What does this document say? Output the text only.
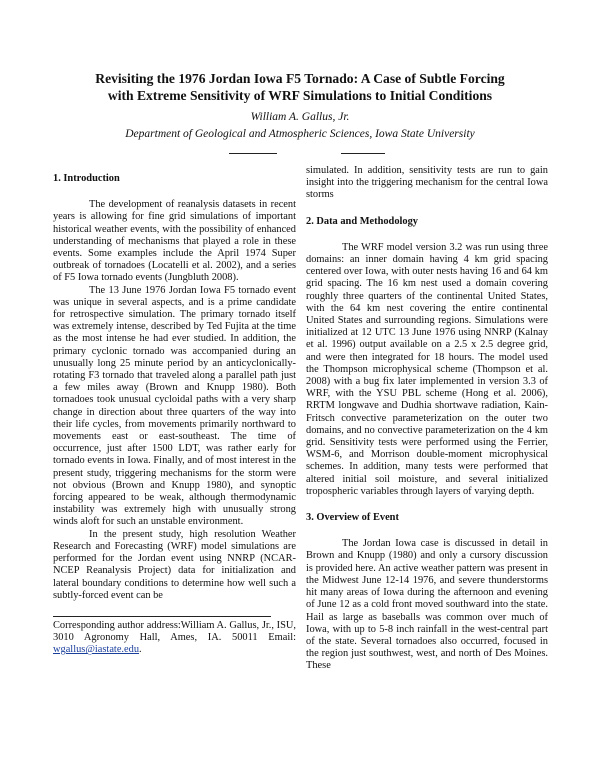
Revisiting the 1976 Jordan Iowa F5 Tornado: A Case of Subtle Forcing
with Extreme Sensitivity of WRF Simulations to Initial Conditions
William A. Gallus, Jr.
Department of Geological and Atmospheric Sciences, Iowa State University

1. Introduction

The development of reanalysis datasets in recent years is allowing for fine grid simulations of important historical weather events, with the possibility of enhanced understanding of mechanisms that played a role in these events. Some examples include the April 1974 Super outbreak of tornadoes (Locatelli et al. 2002), and a series of F5 Iowa tornado events (Jungbluth 2008).

The 13 June 1976 Jordan Iowa F5 tornado event was unique in several aspects, and is a prime candidate for retrospective simulation. The primary tornado itself was extremely intense, described by Ted Fujita at the time as the most intense he had ever studied. In addition, the primary cyclonic tornado was accompanied during an unusually long 25 minute period by an anticyclonically-rotating F3 tornado that traveled along a parallel path just a few miles away (Brown and Knupp 1980). Both tornadoes took unusual cycloidal paths with a very sharp change in direction about three quarters of the way into their life cycles, from movements primarily northward to movements east or east-southeast. The time of occurrence, just after 1500 LDT, was rather early for tornado events in Iowa. Finally, and of most interest in the present study, triggering mechanisms for the storm were not obvious (Brown and Knupp 1980), and synoptic forcing appeared to be weak, although thermodynamic instability was extremely high with unusually strong winds aloft for such an unstable environment.

In the present study, high resolution Weather Research and Forecasting (WRF) model simulations are performed for the Jordan event using NNRP (NCAR-NCEP Reanalysis Project) data for initialization and lateral boundary conditions to determine how well such a subtly-forced event can be

Corresponding author address:William A. Gallus, Jr., ISU, 3010 Agronomy Hall, Ames, IA. 50011 Email: wgallus@iastate.edu.

simulated. In addition, sensitivity tests are run to gain insight into the triggering mechanism for the central Iowa storms

2. Data and Methodology

The WRF model version 3.2 was run using three domains: an inner domain having 4 km grid spacing centered over Iowa, with outer nests having 16 and 64 km grid spacing. The 16 km nest used a domain covering roughly three quarters of the continental United States, with the 64 km nest covering the entire continental United States and surrounding regions. Simulations were initialized at 12 UTC 13 June 1976 using NNRP (Kalnay et al. 1996) output available on a 2.5 x 2.5 degree grid, and were then integrated for 18 hours. The model used the Thompson microphysical scheme (Thompson et al. 2008) with a bug fix later implemented in version 3.3 of WRF, with the YSU PBL scheme (Hong et al. 2006), RRTM longwave and Dudhia shortwave radiation, Kain-Fritsch convective parameterization on the outer two domains, and no convective parameterization on the 4 km grid. Sensitivity tests were performed using the Ferrier, WSM-6, and Morrison double-moment microphysical schemes. In addition, many tests were performed that altered initial soil moisture, and several initialized tropospheric variables through layers of varying depth.

3. Overview of Event

The Jordan Iowa case is discussed in detail in Brown and Knupp (1980) and only a cursory discussion is provided here. An active weather pattern was present in the Midwest June 12-14 1976, and severe thunderstorms hit many areas of Iowa during the afternoon and evening of June 12 as a cold front moved southward into the state. Hail as large as baseballs was common over much of Iowa, with up to 5-8 inch rainfall in the west-central part of the state. Several tornadoes also occurred, focused in the region just southwest, west, and north of Des Moines. These
